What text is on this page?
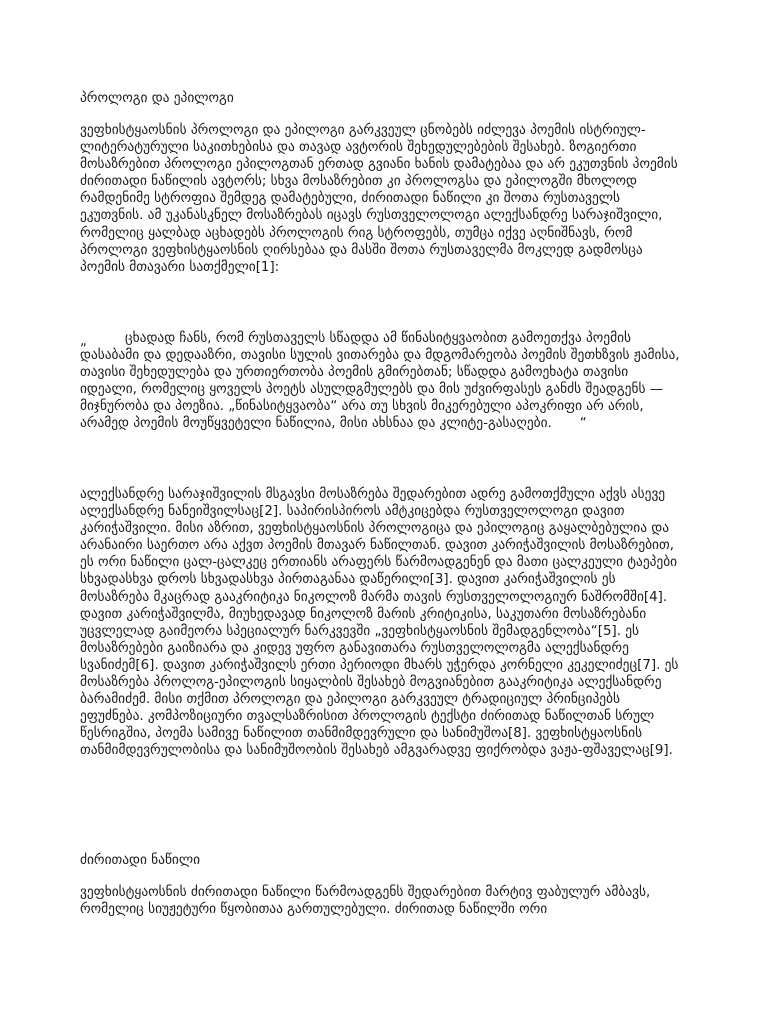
პროლოგი და ეპილოგი
ვეფხისტყაოსნის პროლოგი და ეპილოგი გარკვეულ ცნობებს იძლევა პოემის ისტრიულ-ლიტერატურული საკითხებისა და თავად ავტორის შეხედულებების შესახებ. ზოგიერთი მოსაზრებით პროლოგი ეპილოგთან ერთად გვიანი ხანის დამატებაა და არ ეკუთვნის პოემის ძირითადი ნაწილის ავტორს; სხვა მოსაზრებით კი პროლოგსა და ეპილოგში მხოლოდ რამდენიმე სტროფია შემდეგ დამატებული, ძირითადი ნაწილი კი შოთა რუსთაველს ეკუთვნის. ამ უკანასკნელ მოსაზრებას იცავს რუსთველოლოგი ალექსანდრე სარაჯიშვილი, რომელიც ყალბად აცხადებს პროლოგის რიგ სტროფებს, თუმცა იქვე აღნიშნავს, რომ პროლოგი ვეფხისტყაოსნის ღირსებაა და მასში შოთა რუსთაველმა მოკლედ გადმოსცა პოემის მთავარი სათქმელი[1]:
„	ცხადად ჩანს, რომ რუსთაველს სწადდა ამ წინასიტყვაობით გამოეთქვა პოემის დასაბამი და დედააზრი, თავისი სულის ვითარება და მდგომარეობა პოემის შეთხზვის ჟამისა, თავისი შეხედულება და ურთიერთობა პოემის გმირებთან; სწადდა გამოეხატა თავისი იდეალი, რომელიც ყოველს პოეტს ასულდგმულებს და მის უძვირფასეს განძს შეადგენს — მიჯნურობა და პოეზია. „წინასიტყვაობა“ არა თუ სხვის მიკერებული აპოკრიფი არ არის, არამედ პოემის მოუწყვეტელი ნაწილია, მისი ახსნაა და კლიტე-გასაღები. “
ალექსანდრე სარაჯიშვილის მსგავსი მოსაზრება შედარებით ადრე გამოთქმული აქვს ასევე ალექსანდრე ნანეიშვილსაც[2]. საპირისპიროს ამტკიცებდა რუსთველოლოგი დავით კარიჭაშვილი. მისი აზრით, ვეფხისტყაოსნის პროლოგიცა და ეპილოგიც გაყალბებულია და არანაირი საერთო არა აქვთ პოემის მთავარ ნაწილთან. დავით კარიჭაშვილის მოსაზრებით, ეს ორი ნაწილი ცალ-ცალკეც ერთიანს არაფერს წარმოადგენენ და მათი ცალკეული ტაეპები სხვადასხვა დროს სხვადასხვა პირთაგანაა დაწერილი[3]. დავით კარიჭაშვილის ეს მოსაზრება მკაცრად გააკრიტიკა ნიკოლოზ მარმა თავის რუსთველოლოგიურ ნაშრომში[4]. დავით კარიჭაშვილმა, მიუხედავად ნიკოლოზ მარის კრიტიკისა, საკუთარი მოსაზრებანი უცვლელად გაიმეორა სპეციალურ ნარკვევში „ვეფხისტყაოსნის შემადგენლობა“[5]. ეს მოსაზრებები გაიზიარა და კიდევ უფრო განავითარა რუსთველოლოგმა ალექსანდრე სვანიძემ[6]. დავით კარიჭაშვილს ერთი პერიოდი მხარს უჭერდა კორნელი კეკელიძეც[7]. ეს მოსაზრება პროლოგ-ეპილოგის სიყალბის შესახებ მოგვიანებით გააკრიტიკა ალექსანდრე ბარამიძემ. მისი თქმით პროლოგი და ეპილოგი გარკვეულ ტრადიციულ პრინციპებს ეფუძნება. კომპოზიციური თვალსაზრისით პროლოგის ტექსტი ძირითად ნაწილთან სრულ წესრიგშია, პოემა სამივე ნაწილით თანმიმდევრული და სანიმუშოა[8]. ვეფხისტყაოსნის თანმიმდევრულობისა და სანიმუშოობის შესახებ ამგვარადვე ფიქრობდა ვაჟა-ფშაველაც[9].
ძირითადი ნაწილი
ვეფხისტყაოსნის ძირითადი ნაწილი წარმოადგენს შედარებით მარტივ ფაბულურ ამბავს, რომელიც სიუჟეტური წყობითაა გართულებული. ძირითად ნაწილში ორი
